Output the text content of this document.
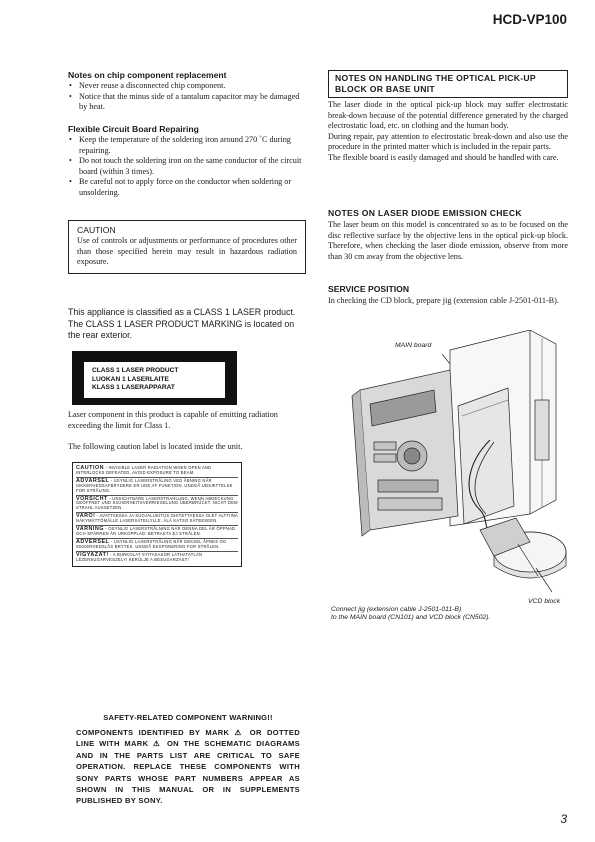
HCD-VP100
Notes on chip component replacement
• Never reuse a disconnected chip component.
• Notice that the minus side of a tantalum capacitor may be damaged by heat.
Flexible Circuit Board Repairing
• Keep the temperature of the soldering iron around 270 ˚C during repairing.
• Do not touch the soldering iron on the same conductor of the circuit board (within 3 times).
• Be careful not to apply force on the conductor when soldering or unsoldering.
CAUTION
Use of controls or adjustments or performance of procedures other than those specified herein may result in hazardous radiation exposure.
This appliance is classified as a CLASS 1 LASER product. The CLASS 1 LASER PRODUCT MARKING is located on the rear exterior.
CLASS 1 LASER PRODUCT
LUOKAN 1 LASERLAITE
KLASS 1 LASERAPPARAT
Laser component in this product is capable of emitting radiation exceeding the limit for Class 1.
The following caution label is located inside the unit.
CAUTION - INVISIBLE LASER RADIATION WHEN OPEN AND INTERLOCKS DEFEATED. AVOID EXPOSURE TO BEAM.
ADVARSEL - USYNLIG LASERSTRÅLING VED ÅBNING NÅR SIKKERHEDSAFBRYDERE ER UDE AF FUNKTION. UNDGÅ UDSÆTTELSE FOR STRÅLING.
VORSICHT - UNSICHTBARE LASERSTRAHLUNG, WENN ABDECKUNG GEÖFFNET UND SICHERHEITSVERRIEGELUNG ÜBERBRÜCKT. NICHT DEM STRAHL AUSSETZEN.
VARO! - AVATTAESSA JA SUOJALUKITUS OHITETTAESSA OLET ALTTIINA NÄKYMÄTTÖMÄLLE LASERSÄTEILYLLE. ÄLÄ KATSO SÄTEESEEN.
VARNING - OSYNLIG LASERSTRÅLNING NÄR DENNA DEL ÄR ÖPPNAD OCH SPÄRREN ÄR URKOPPLAD. BETRAKTA EJ STRÅLEN.
ADVERSEL - USYNLIG LASERSTRÅLING NÅR DEKSEL ÅPNES OG SIKKERHEDSLÅS BRYTES. UNNGÅ EKSPONERING FOR STRÅLEN.
VIGYAZAT! - A BURKOLAT SYITASAKOR LATHATATLAN LÉZERSUGARVESZELY! KERÜLJE A BESUGARZAST!
SAFETY-RELATED COMPONENT WARNING!!
COMPONENTS IDENTIFIED BY MARK ⚠ OR DOTTED LINE WITH MARK ⚠ ON THE SCHEMATIC DIAGRAMS AND IN THE PARTS LIST ARE CRITICAL TO SAFE OPERATION. REPLACE THESE COMPONENTS WITH SONY PARTS WHOSE PART NUMBERS APPEAR AS SHOWN IN THIS MANUAL OR IN SUPPLEMENTS PUBLISHED BY SONY.
NOTES ON HANDLING THE OPTICAL PICK-UP BLOCK OR BASE UNIT
The laser diode in the optical pick-up block may suffer electrostatic break-down because of the potential difference generated by the charged electrostatic load, etc. on clothing and the human body.
During repair, pay attention to electrostatic break-down and also use the procedure in the printed matter which is included in the repair parts.
The flexible board is easily damaged and should be handled with care.
NOTES ON LASER DIODE EMISSION CHECK
The laser beam on this model is concentrated so as to be focused on the disc reflective surface by the objective lens in the optical pick-up block. Therefore, when checking the laser diode emission, observe from more than 30 cm away from the objective lens.
SERVICE POSITION
In checking the CD block, prepare jig (extension cable J-2501-011-B).
MAIN board
VCD block
Connect jig (extension cable J-2501-011-B)
to the MAIN board (CN101) and VCD block (CN502).
3
